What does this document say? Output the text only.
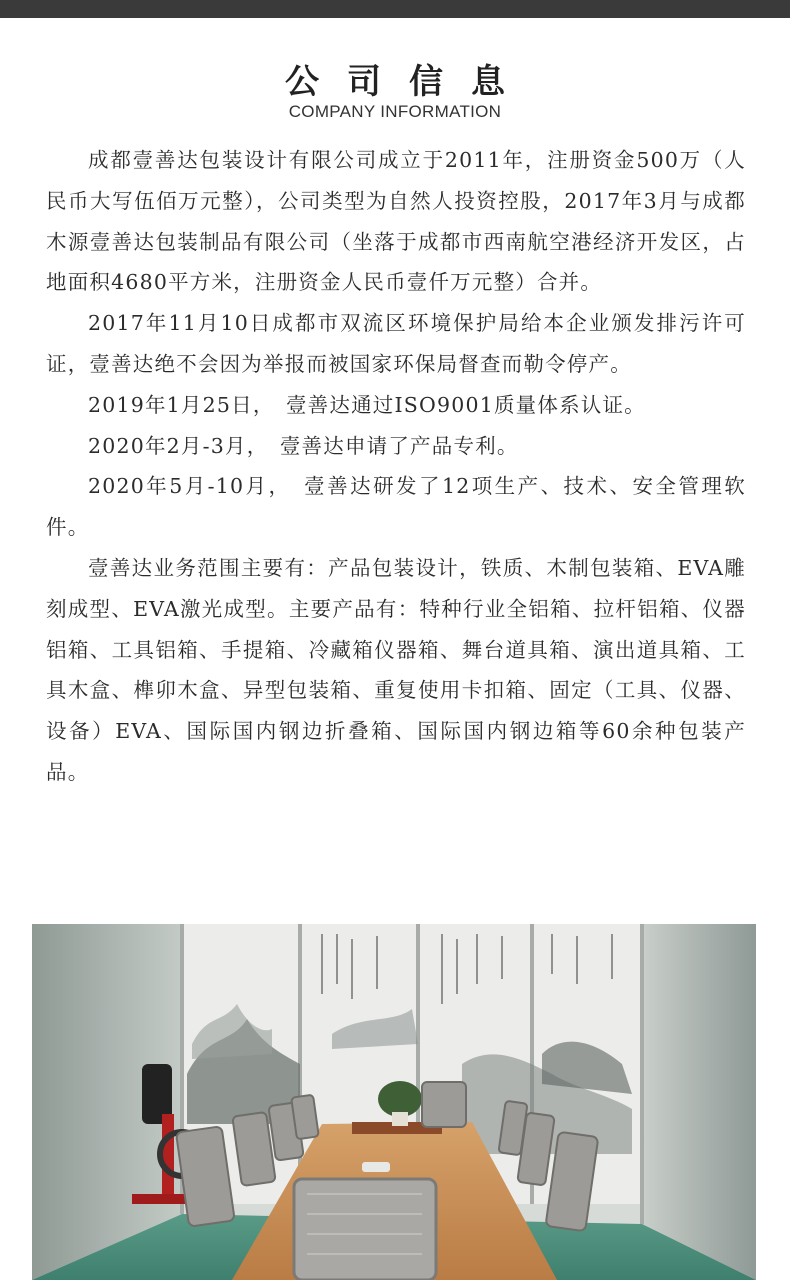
公司信息
COMPANY INFORMATION

成都壹善达包装设计有限公司成立于2011年，注册资金500万（人民币大写伍佰万元整），公司类型为自然人投资控股，2017年3月与成都木源壹善达包装制品有限公司（坐落于成都市西南航空港经济开发区，占地面积4680平方米，注册资金人民币壹仟万元整）合并。

2017年11月10日成都市双流区环境保护局给本企业颁发排污许可证，壹善达绝不会因为举报而被国家环保局督查而勒令停产。

2019年1月25日，　壹善达通过ISO9001质量体系认证。

2020年2月-3月，　壹善达申请了产品专利。

2020年5月-10月，　壹善达研发了12项生产、技术、安全管理软件。

壹善达业务范围主要有：产品包装设计，铁质、木制包装箱、EVA雕刻成型、EVA激光成型。主要产品有：特种行业全铝箱、拉杆铝箱、仪器铝箱、工具铝箱、手提箱、冷藏箱仪器箱、舞台道具箱、演出道具箱、工具木盒、榫卯木盒、异型包装箱、重复使用卡扣箱、固定（工具、仪器、设备）EVA、国际国内钢边折叠箱、国际国内钢边箱等60余种包装产品。
